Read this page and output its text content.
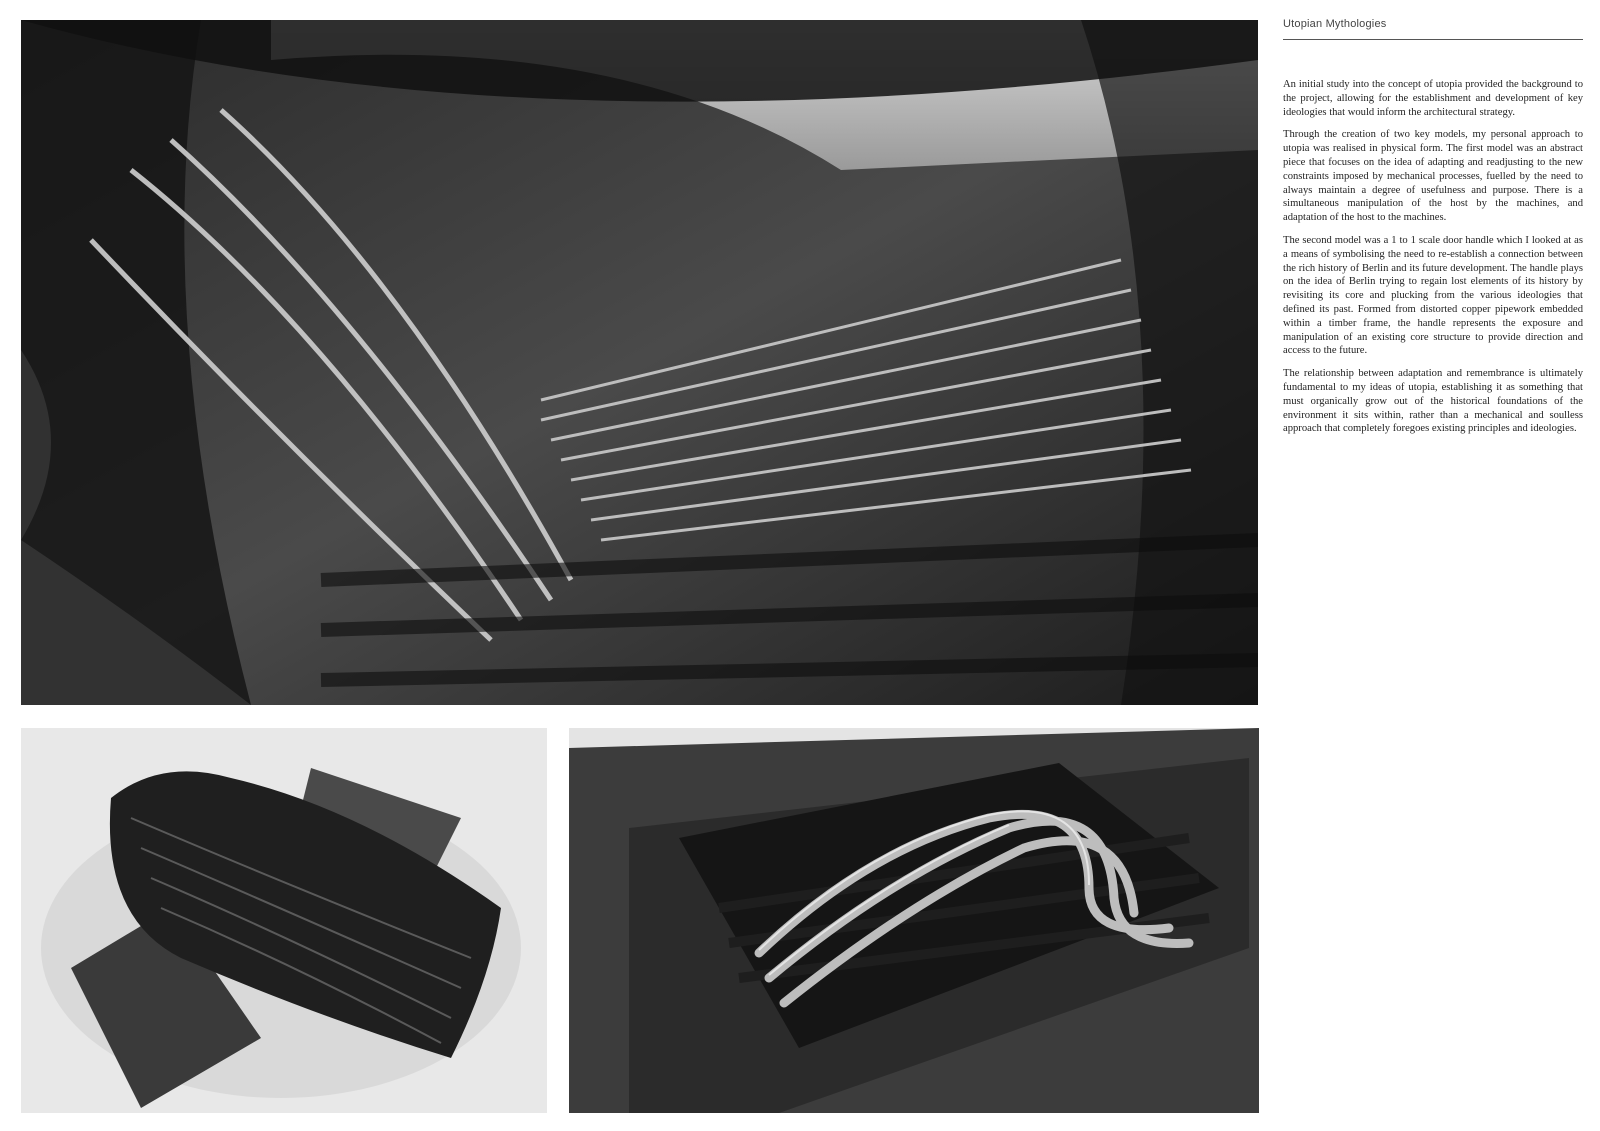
Utopian Mythologies

An initial study into the concept of utopia provided the background to the project, allowing for the establishment and development of key ideologies that would inform the architectural strategy.

Through the creation of two key models, my personal approach to utopia was realised in physical form. The first model was an abstract piece that focuses on the idea of adapting and readjusting to the new constraints imposed by mechanical processes, fuelled by the need to always maintain a degree of usefulness and purpose. There is a simultaneous manipulation of the host by the machines, and adaptation of the host to the machines.

The second model was a 1 to 1 scale door handle which I looked at as a means of symbolising the need to re-establish a connection between the rich history of Berlin and its future development. The handle plays on the idea of Berlin trying to regain lost elements of its history by revisiting its core and plucking from the various ideologies that defined its past. Formed from distorted copper pipework embedded within a timber frame, the handle represents the exposure and manipulation of an existing core structure to provide direction and access to the future.

The relationship between adaptation and remembrance is ultimately fundamental to my ideas of utopia, establishing it as something that must organically grow out of the historical foundations of the environment it sits within, rather than a mechanical and soulless approach that completely foregoes existing principles and ideologies.
